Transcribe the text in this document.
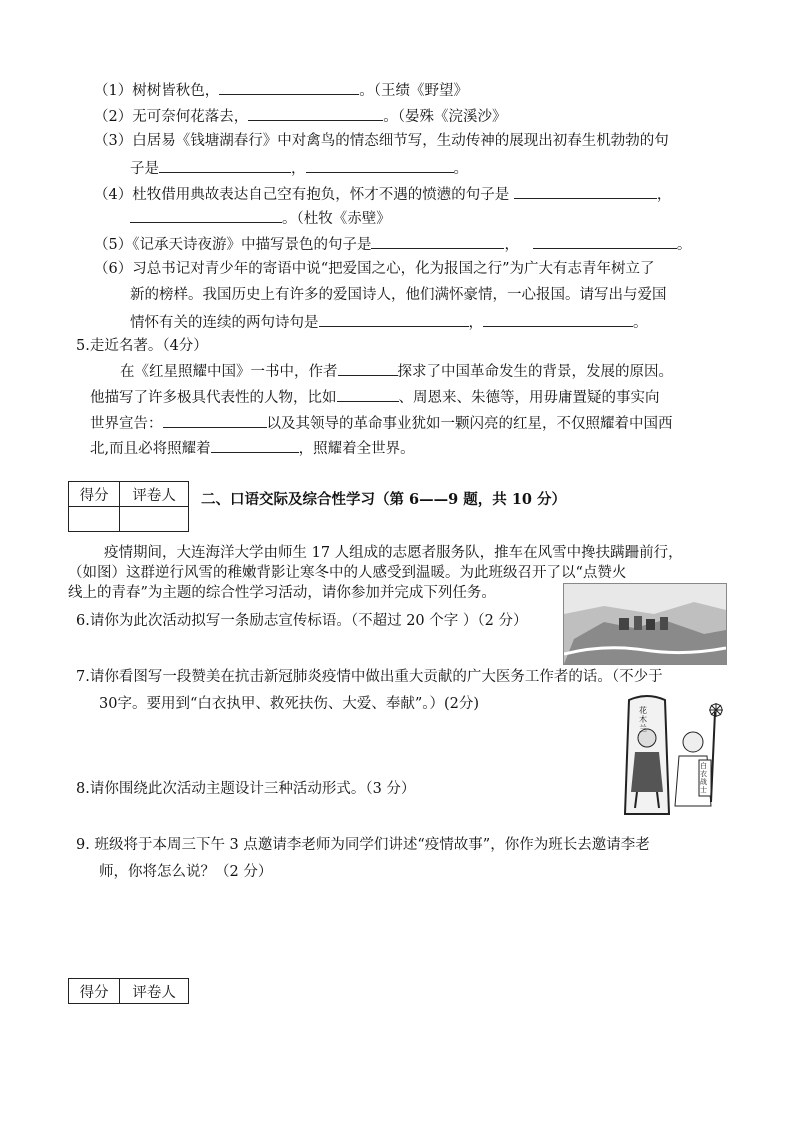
（1）树树皆秋色，	。（王绩《野望》
（2）无可奈何花落去，	。（晏殊《浣溪沙》
（3）白居易《钱塘湖春行》中对禽鸟的情态细节写，生动传神的展现出初春生机勃勃的句
子是	，	。
（4）杜牧借用典故表达自己空有抱负，怀才不遇的愤懑的句子是	，
。（杜牧《赤壁》
（5）《记承天诗夜游》中描写景色的句子是	，	。
（6）习总书记对青少年的寄语中说“把爱国之心，化为报国之行”为广大有志青年树立了
新的榜样。我国历史上有许多的爱国诗人，他们满怀豪情，一心报国。请写出与爱国
情怀有关的连续的两句诗句是	，	。
5.走近名著。（4分）
在《红星照耀中国》一书中，作者	探求了中国革命发生的背景，发展的原因。
他描写了许多极具代表性的人物，比如	、周恩来、朱德等，用毋庸置疑的事实向
世界宣告：	以及其领导的革命事业犹如一颗闪亮的红星，不仅照耀着中国西
北,而且必将照耀着	，照耀着全世界。
得分	评卷人
	二、口语交际及综合性学习（第 6——9 题，共 10 分）
疫情期间，大连海洋大学由师生 17 人组成的志愿者服务队，推车在风雪中搀扶蹒跚前行，
（如图）这群逆行风雪的稚嫩背影让寒冬中的人感受到温暖。为此班级召开了以“点赞火
线上的青春”为主题的综合性学习活动，请你参加并完成下列任务。
6.请你为此次活动拟写一条励志宣传标语。（不超过 20 个字 ）（2 分）
7.请你看图写一段赞美在抗击新冠肺炎疫情中做出重大贡献的广大医务工作者的话。（不少于
30字。要用到“白衣执甲、救死扶伤、大爱、奉献”。）(2分)	花木兰
白衣战士
8.请你围绕此次活动主题设计三种活动形式。（3 分）
9. 班级将于本周三下午 3 点邀请李老师为同学们讲述“疫情故事”，你作为班长去邀请李老
师，你将怎么说？（2 分）
得分	评卷人
